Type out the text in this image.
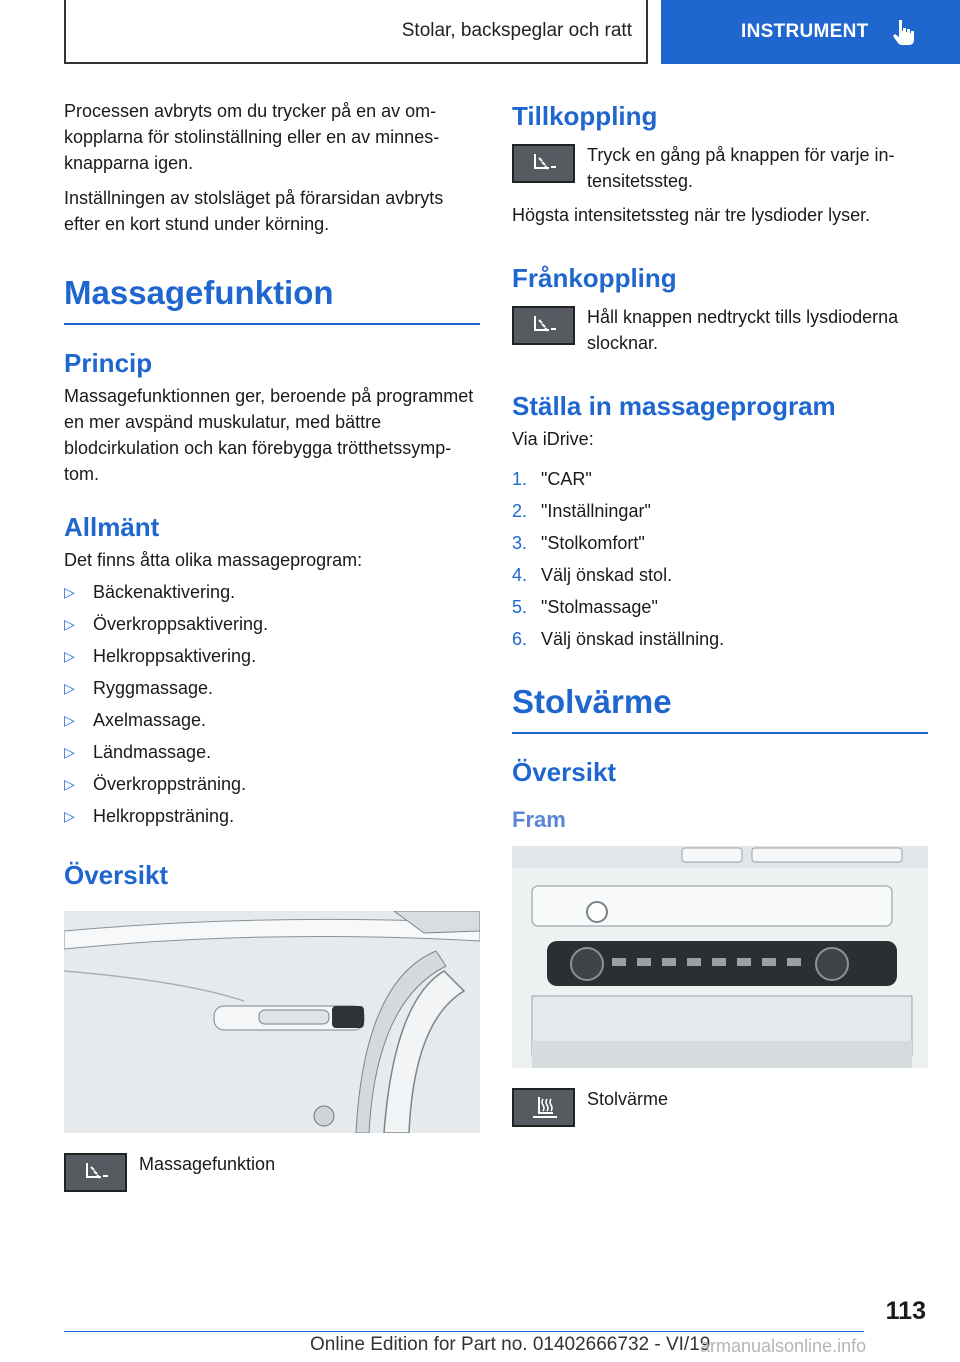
Stolar, backspeglar och ratt	INSTRUMENT

Processen avbryts om du trycker på en av omkopplarna för stolinställning eller en av minnesknapparna igen.

Inställningen av stolsläget på förarsidan avbryts efter en kort stund under körning.

Massagefunktion
Princip

Massagefunktionnen ger, beroende på programmet en mer avspänd muskulatur, med bättre blodcirkulation och kan förebygga trötthetssymptom.

Allmänt

Det finns åtta olika massageprogram:

▷	Bäckenaktivering.
▷	Överkroppsaktivering.
▷	Helkroppsaktivering.
▷	Ryggmassage.
▷	Axelmassage.
▷	Ländmassage.
▷	Överkroppsträning.
▷	Helkroppsträning.
Översikt
Massagefunktion
Tillkoppling
Tryck en gång på knappen för varje intensitetssteg.

Högsta intensitetssteg när tre lysdioder lyser.

Frånkoppling
Håll knappen nedtryckt tills lysdioderna slocknar.
Ställa in massageprogram

Via iDrive:

1. "CAR"
2. "Inställningar"
3. "Stolkomfort"
4. Välj önskad stol.
5. "Stolmassage"
6. Välj önskad inställning.
Stolvärme
Översikt
Fram
Stolvärme
113
Online Edition for Part no. 01402666732 - VI/19
armanualsonline.info
